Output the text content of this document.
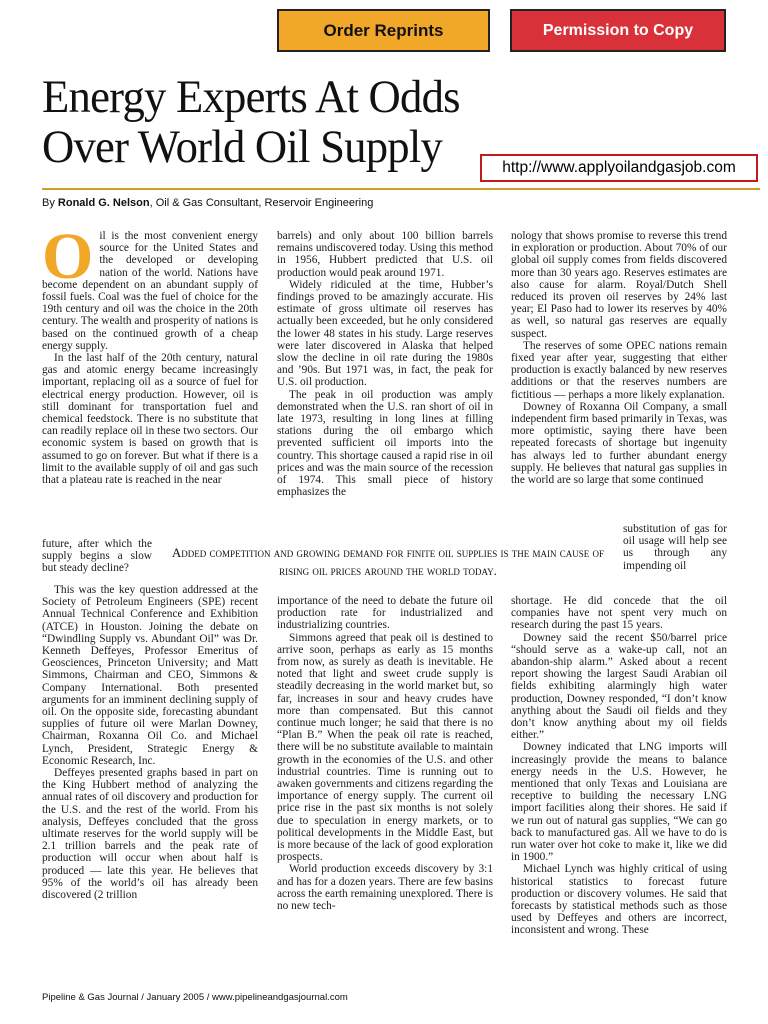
Order Reprints	Permission to Copy
Energy Experts At Odds Over World Oil Supply	http://www.applyoilandgasjob.com
By Ronald G. Nelson, Oil & Gas Consultant, Reservoir Engineering

Oil is the most convenient energy source for the United States and the developed or developing nation of the world. Nations have become dependent on an abundant supply of fossil fuels. Coal was the fuel of choice for the 19th century and oil was the choice in the 20th century. The wealth and prosperity of nations is based on the continued growth of a cheap energy supply.

In the last half of the 20th century, natural gas and atomic energy became increasingly important, replacing oil as a source of fuel for electrical energy production. However, oil is still dominant for transportation fuel and chemical feedstock. There is no substitute that can readily replace oil in these two sectors. Our economic system is based on growth that is assumed to go on forever. But what if there is a limit to the available supply of oil and gas such that a plateau rate is reached in the near

future, after which the supply begins a slow but steady decline?

This was the key question addressed at the Society of Petroleum Engineers (SPE) recent Annual Technical Conference and Exhibition (ATCE) in Houston. Joining the debate on “Dwindling Supply vs. Abundant Oil” was Dr. Kenneth Deffeyes, Professor Emeritus of Geosciences, Princeton University; and Matt Simmons, Chairman and CEO, Simmons & Company International. Both presented arguments for an imminent declining supply of oil. On the opposite side, forecasting abundant supplies of future oil were Marlan Downey, Chairman, Roxanna Oil Co. and Michael Lynch, President, Strategic Energy & Economic Research, Inc.

Deffeyes presented graphs based in part on the King Hubbert method of analyzing the annual rates of oil discovery and production for the U.S. and the rest of the world. From his analysis, Deffeyes concluded that the gross ultimate reserves for the world supply will be 2.1 trillion barrels and the peak rate of production will occur when about half is produced — late this year. He believes that 95% of the world’s oil has already been discovered (2 trillion

barrels) and only about 100 billion barrels remains undiscovered today. Using this method in 1956, Hubbert predicted that U.S. oil production would peak around 1971.

Widely ridiculed at the time, Hubber’s findings proved to be amazingly accurate. His estimate of gross ultimate oil reserves has actually been exceeded, but he only considered the lower 48 states in his study. Large reserves were later discovered in Alaska that helped slow the decline in oil rate during the 1980s and ’90s. But 1971 was, in fact, the peak for U.S. oil production.

The peak in oil production was amply demonstrated when the U.S. ran short of oil in late 1973, resulting in long lines at filling stations during the oil embargo which prevented sufficient oil imports into the country. This shortage caused a rapid rise in oil prices and was the main source of the recession of 1974. This small piece of history emphasizes the

Added competition and growing demand for finite oil supplies is the main cause of rising oil prices around the world today.

importance of the need to debate the future oil production rate for industrialized and industrializing countries.

Simmons agreed that peak oil is destined to arrive soon, perhaps as early as 15 months from now, as surely as death is inevitable. He noted that light and sweet crude supply is steadily decreasing in the world market but, so far, increases in sour and heavy crudes have more than compensated. But this cannot continue much longer; he said that there is no “Plan B.” When the peak oil rate is reached, there will be no substitute available to maintain growth in the economies of the U.S. and other industrial countries. Time is running out to awaken governments and citizens regarding the importance of energy supply. The current oil price rise in the past six months is not solely due to speculation in energy markets, or to political developments in the Middle East, but is more because of the lack of good exploration prospects.

World production exceeds discovery by 3:1 and has for a dozen years. There are few basins across the earth remaining unexplored. There is no new tech-

nology that shows promise to reverse this trend in exploration or production. About 70% of our global oil supply comes from fields discovered more than 30 years ago. Reserves estimates are also cause for alarm. Royal/Dutch Shell reduced its proven oil reserves by 24% last year; El Paso had to lower its reserves by 40% as well, so natural gas reserves are equally suspect.

The reserves of some OPEC nations remain fixed year after year, suggesting that either production is exactly balanced by new reserves additions or that the reserves numbers are fictitious — perhaps a more likely explanation.

Downey of Roxanna Oil Company, a small independent firm based primarily in Texas, was more optimistic, saying there have been repeated forecasts of shortage but ingenuity has always led to further abundant energy supply. He believes that natural gas supplies in the world are so large that some continued

substitution of gas for oil usage will help see us through any impending oil

shortage. He did concede that the oil companies have not spent very much on research during the past 15 years.

Downey said the recent $50/barrel price “should serve as a wake-up call, not an abandon-ship alarm.” Asked about a recent report showing the largest Saudi Arabian oil fields exhibiting alarmingly high water production, Downey responded, “I don’t know anything about the Saudi oil fields and they don’t know anything about my oil fields either.”

Downey indicated that LNG imports will increasingly provide the means to balance energy needs in the U.S. However, he mentioned that only Texas and Louisiana are receptive to building the necessary LNG import facilities along their shores. He said if we run out of natural gas supplies, “We can go back to manufactured gas. All we have to do is run water over hot coke to make it, like we did in 1900.”

Michael Lynch was highly critical of using historical statistics to forecast future production or discovery volumes. He said that forecasts by statistical methods such as those used by Deffeyes and others are incorrect, inconsistent and wrong. These

Pipeline & Gas Journal / January 2005 / www.pipelineandgasjournal.com
